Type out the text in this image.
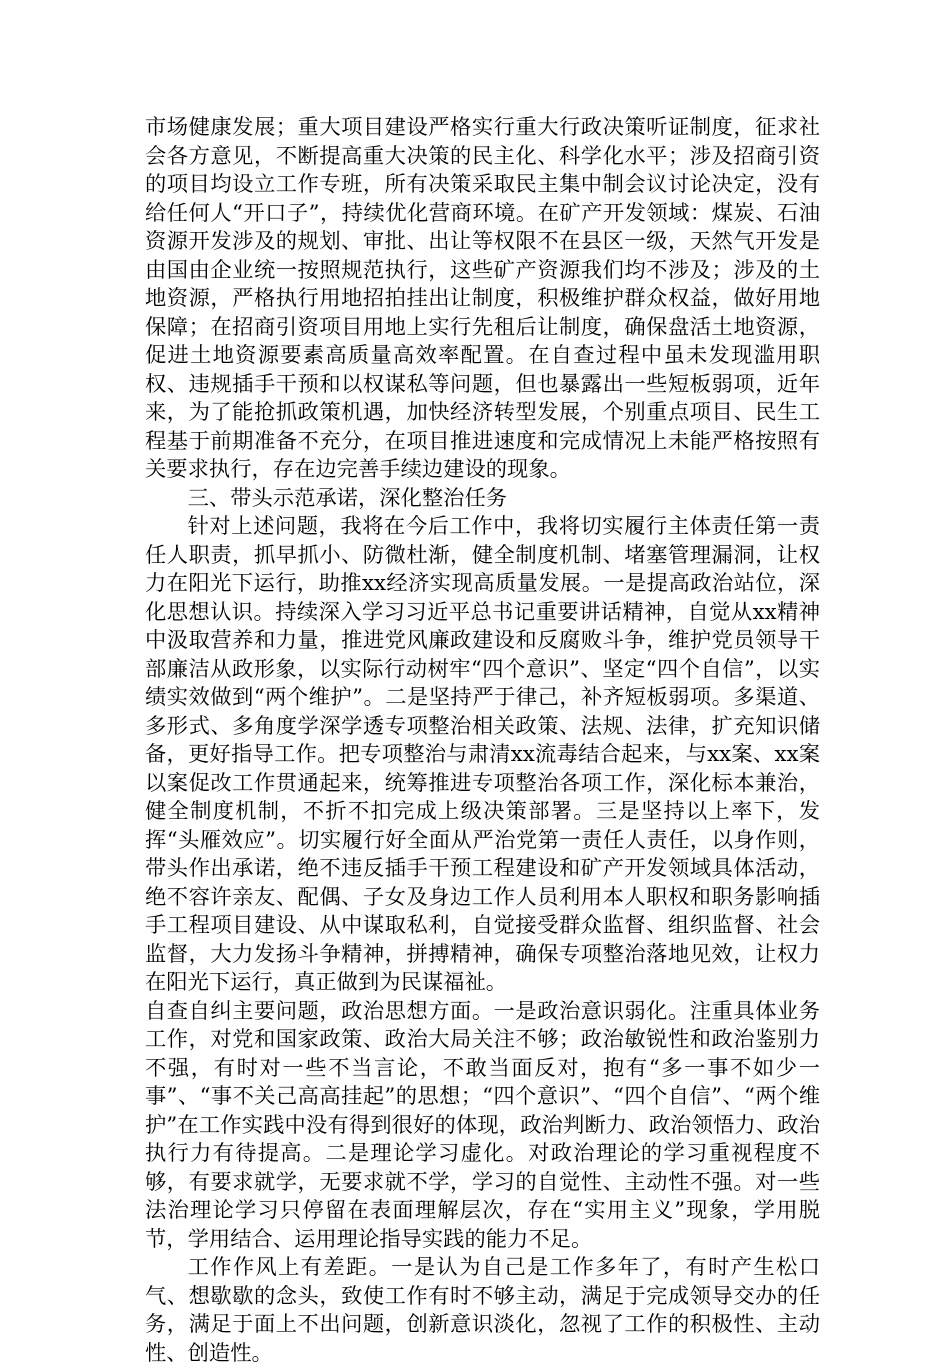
市场健康发展；重大项目建设严格实行重大行政决策听证制度，征求社会各方意见，不断提高重大决策的民主化、科学化水平；涉及招商引资的项目均设立工作专班，所有决策采取民主集中制会议讨论决定，没有给任何人“开口子”，持续优化营商环境。在矿产开发领域：煤炭、石油资源开发涉及的规划、审批、出让等权限不在县区一级，天然气开发是由国由企业统一按照规范执行，这些矿产资源我们均不涉及；涉及的土地资源，严格执行用地招拍挂出让制度，积极维护群众权益，做好用地保障；在招商引资项目用地上实行先租后让制度，确保盘活土地资源，促进土地资源要素高质量高效率配置。在自查过程中虽未发现滥用职权、违规插手干预和以权谋私等问题，但也暴露出一些短板弱项，近年来，为了能抢抓政策机遇，加快经济转型发展，个别重点项目、民生工程基于前期准备不充分，在项目推进速度和完成情况上未能严格按照有关要求执行，存在边完善手续边建设的现象。

三、带头示范承诺，深化整治任务

针对上述问题，我将在今后工作中，我将切实履行主体责任第一责任人职责，抓早抓小、防微杜渐，健全制度机制、堵塞管理漏洞，让权力在阳光下运行，助推xx经济实现高质量发展。一是提高政治站位，深化思想认识。持续深入学习习近平总书记重要讲话精神，自觉从xx精神中汲取营养和力量，推进党风廉政建设和反腐败斗争，维护党员领导干部廉洁从政形象，以实际行动树牢“四个意识”、坚定“四个自信”，以实绩实效做到“两个维护”。二是坚持严于律己，补齐短板弱项。多渠道、多形式、多角度学深学透专项整治相关政策、法规、法律，扩充知识储备，更好指导工作。把专项整治与肃清xx流毒结合起来，与xx案、xx案以案促改工作贯通起来，统筹推进专项整治各项工作，深化标本兼治，健全制度机制，不折不扣完成上级决策部署。三是坚持以上率下，发挥“头雁效应”。切实履行好全面从严治党第一责任人责任，以身作则，带头作出承诺，绝不违反插手干预工程建设和矿产开发领域具体活动，绝不容许亲友、配偶、子女及身边工作人员利用本人职权和职务影响插手工程项目建设、从中谋取私利，自觉接受群众监督、组织监督、社会监督，大力发扬斗争精神，拼搏精神，确保专项整治落地见效，让权力在阳光下运行，真正做到为民谋福祉。

自查自纠主要问题，政治思想方面。一是政治意识弱化。注重具体业务工作，对党和国家政策、政治大局关注不够；政治敏锐性和政治鉴别力不强，有时对一些不当言论，不敢当面反对，抱有“多一事不如少一事”、“事不关己高高挂起”的思想；“四个意识”、“四个自信”、“两个维护”在工作实践中没有得到很好的体现，政治判断力、政治领悟力、政治执行力有待提高。二是理论学习虚化。对政治理论的学习重视程度不够，有要求就学，无要求就不学，学习的自觉性、主动性不强。对一些法治理论学习只停留在表面理解层次，存在“实用主义”现象，学用脱节，学用结合、运用理论指导实践的能力不足。

工作作风上有差距。一是认为自己是工作多年了，有时产生松口气、想歇歇的念头，致使工作有时不够主动，满足于完成领导交办的任务，满足于面上不出问题，创新意识淡化，忽视了工作的积极性、主动性、创造性。
